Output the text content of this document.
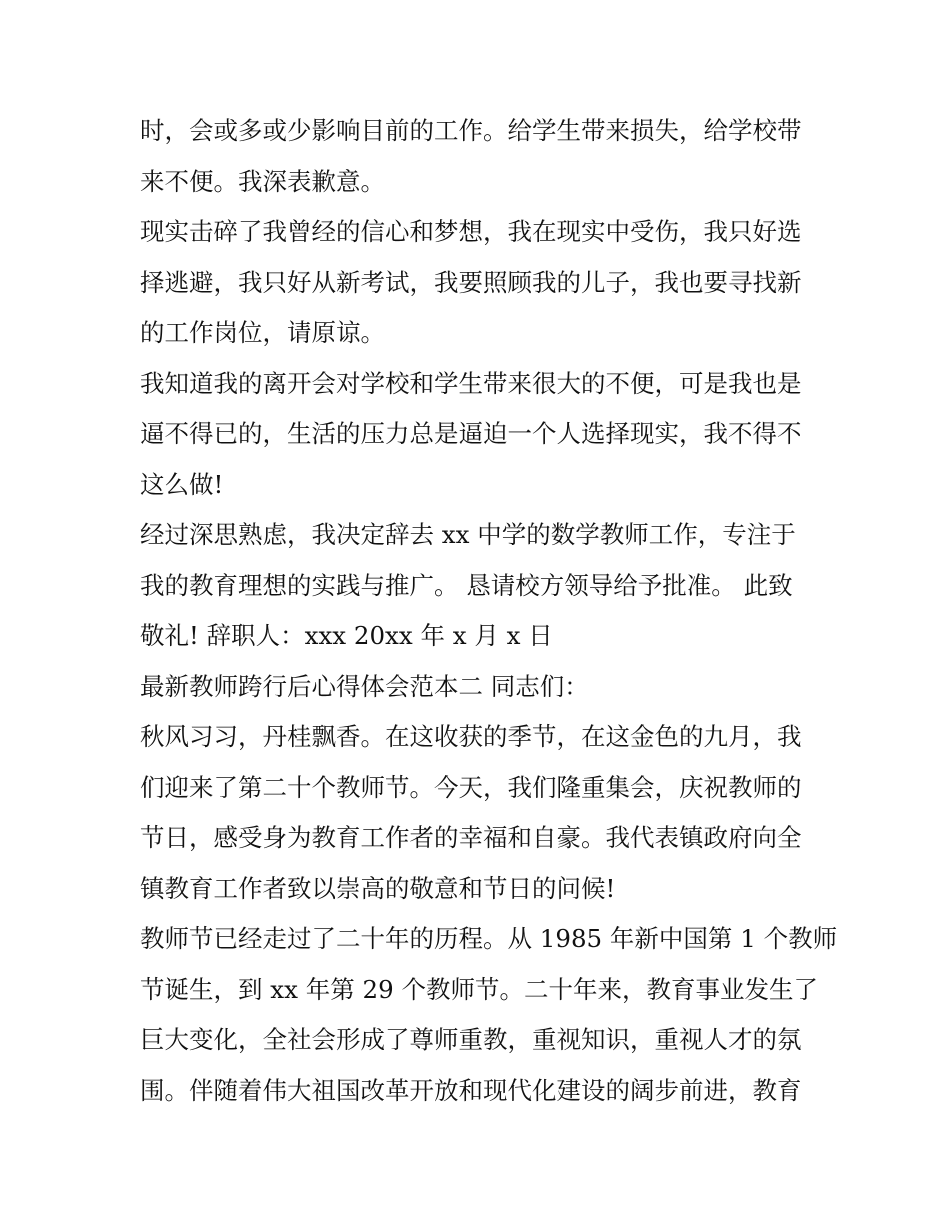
时，会或多或少影响目前的工作。给学生带来损失，给学校带
来不便。我深表歉意。
现实击碎了我曾经的信心和梦想，我在现实中受伤，我只好选
择逃避，我只好从新考试，我要照顾我的儿子，我也要寻找新
的工作岗位，请原谅。
我知道我的离开会对学校和学生带来很大的不便，可是我也是
逼不得已的，生活的压力总是逼迫一个人选择现实，我不得不
这么做!
经过深思熟虑，我决定辞去 xx 中学的数学教师工作，专注于
我的教育理想的实践与推广。 恳请校方领导给予批准。 此致
敬礼! 辞职人：xxx 20xx 年 x 月 x 日
最新教师跨行后心得体会范本二 同志们：
秋风习习，丹桂飘香。在这收获的季节，在这金色的九月，我
们迎来了第二十个教师节。今天，我们隆重集会，庆祝教师的
节日，感受身为教育工作者的幸福和自豪。我代表镇政府向全
镇教育工作者致以崇高的敬意和节日的问候!
教师节已经走过了二十年的历程。从 1985 年新中国第 1 个教师
节诞生，到 xx 年第 29 个教师节。二十年来，教育事业发生了
巨大变化，全社会形成了尊师重教，重视知识，重视人才的氛
围。伴随着伟大祖国改革开放和现代化建设的阔步前进，教育
